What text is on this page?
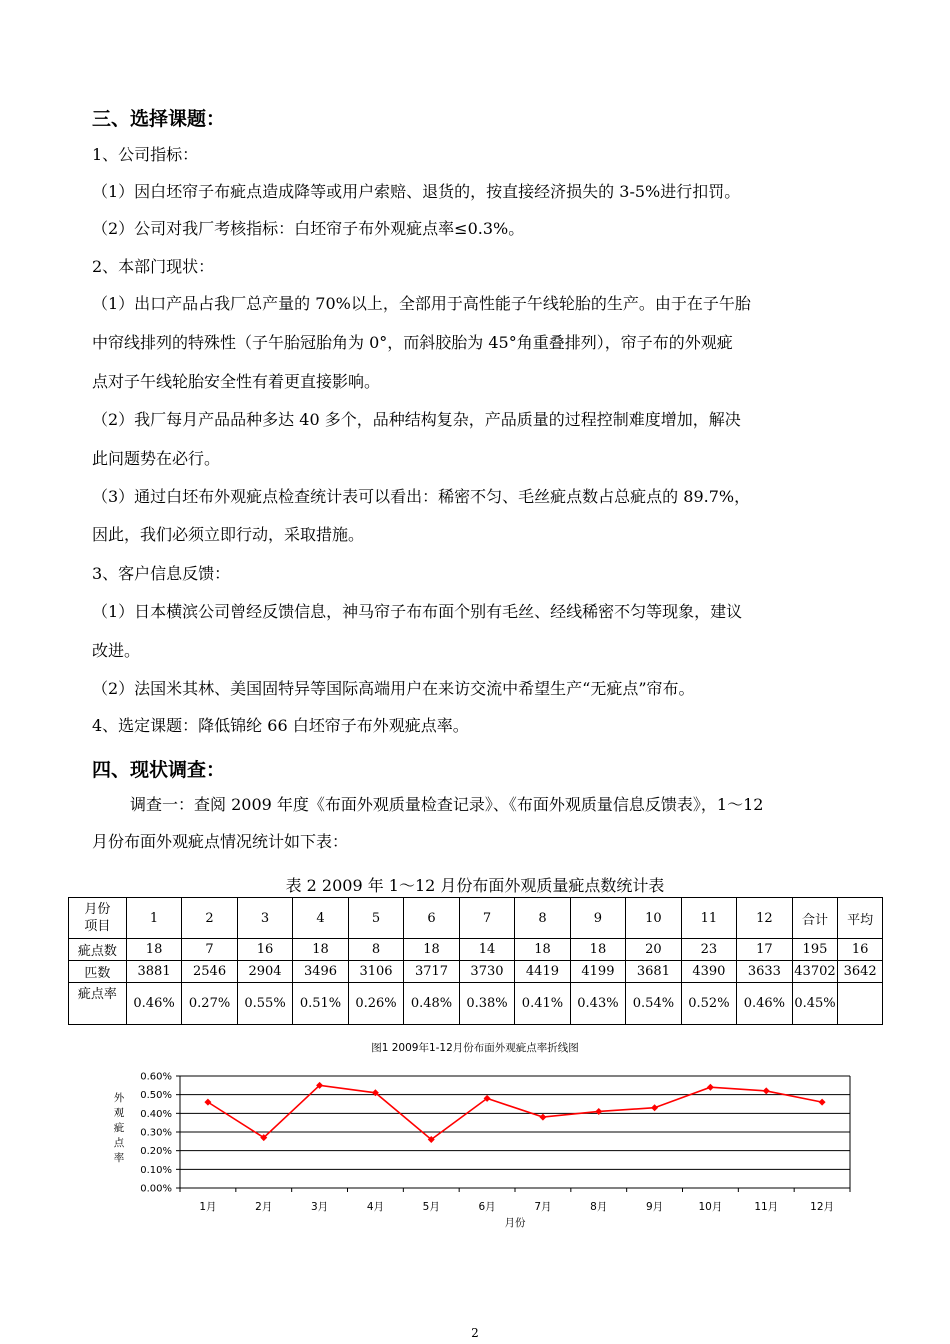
三、选择课题：
1、公司指标：
（1）因白坯帘子布疵点造成降等或用户索赔、退货的，按直接经济损失的 3-5%进行扣罚。
（2）公司对我厂考核指标：白坯帘子布外观疵点率≤0.3%。
2、本部门现状：
（1）出口产品占我厂总产量的 70%以上，全部用于高性能子午线轮胎的生产。由于在子午胎
中帘线排列的特殊性（子午胎冠胎角为 0°，而斜胶胎为 45°角重叠排列），帘子布的外观疵
点对子午线轮胎安全性有着更直接影响。
（2）我厂每月产品品种多达 40 多个，品种结构复杂，产品质量的过程控制难度增加，解决
此问题势在必行。
（3）通过白坯布外观疵点检查统计表可以看出：稀密不匀、毛丝疵点数占总疵点的 89.7%，
因此，我们必须立即行动，采取措施。
3、客户信息反馈：
（1）日本横滨公司曾经反馈信息，神马帘子布布面个别有毛丝、经线稀密不匀等现象，建议
改进。
（2）法国米其林、美国固特异等国际高端用户在来访交流中希望生产“无疵点”帘布。
4、选定课题：降低锦纶 66 白坯帘子布外观疵点率。
四、现状调查：
调查一：查阅 2009 年度《布面外观质量检查记录》、《布面外观质量信息反馈表》，1～12
月份布面外观疵点情况统计如下表：
表 2 2009 年 1～12 月份布面外观质量疵点数统计表
月份
项目	1	2	3	4	5	6	7	8	9	10	11	12	合计	平均
疵点数	18	7	16	18	8	18	14	18	18	20	23	17	195	16
匹数	3881	2546	2904	3496	3106	3717	3730	4419	4199	3681	4390	3633	43702	3642
疵点率	0.46%	0.27%	0.55%	0.51%	0.26%	0.48%	0.38%	0.41%	0.43%	0.54%	0.52%	0.46%	0.45%	
图1 2009年1-12月份布面外观疵点率折线图
0.00%
0.10%
0.20%
0.30%
0.40%
0.50%
0.60%
1月	2月	3月	4月	5月	6月	7月	8月	9月	10月	11月	12月
月份
外观疵点率
2
